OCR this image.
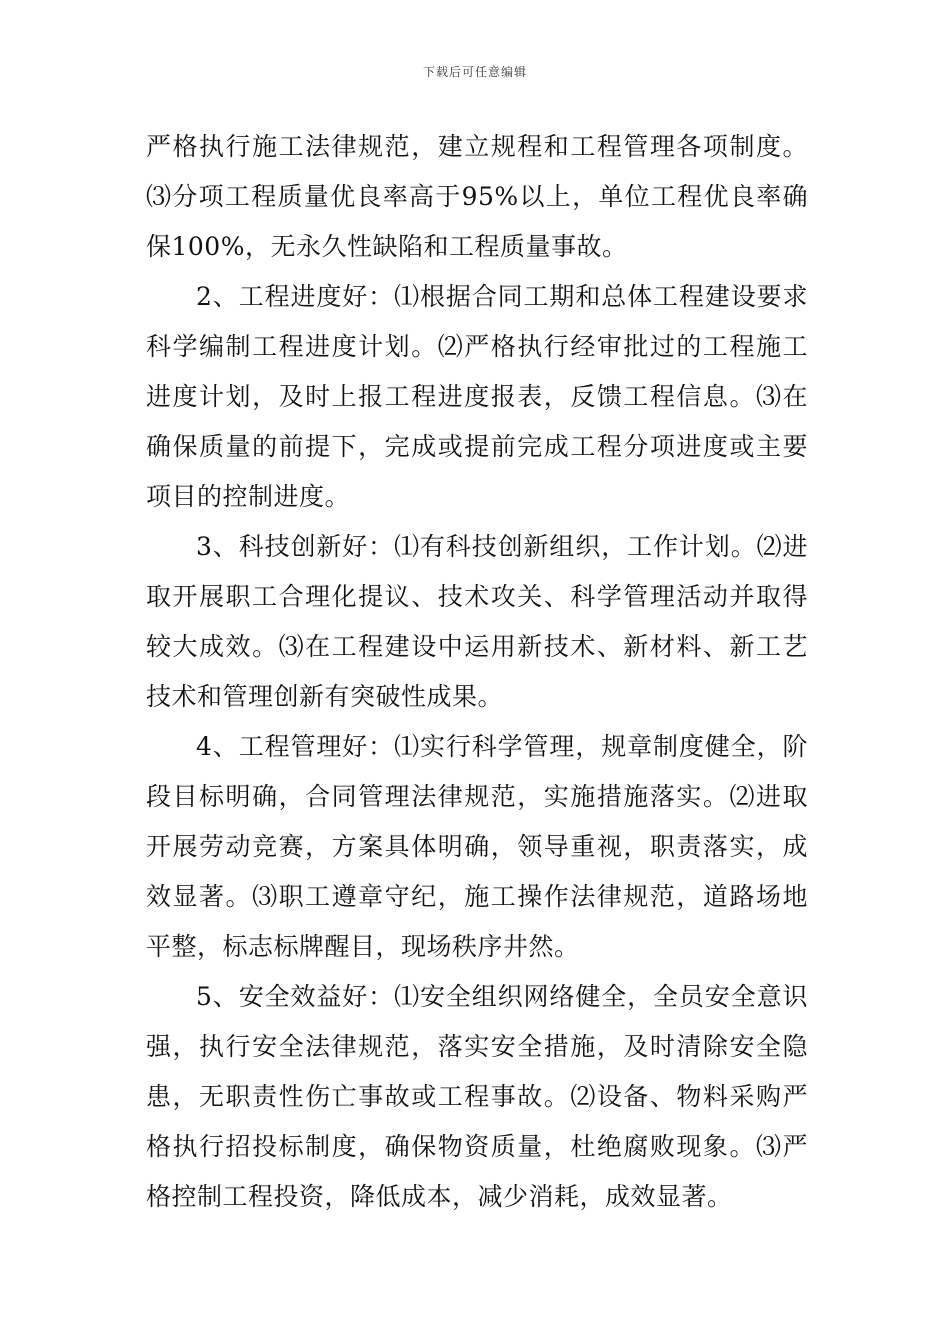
下载后可任意编辑

严格执行施工法律规范，建立规程和工程管理各项制度。⑶分项工程质量优良率高于95%以上，单位工程优良率确保100%，无永久性缺陷和工程质量事故。

2、工程进度好：⑴根据合同工期和总体工程建设要求科学编制工程进度计划。⑵严格执行经审批过的工程施工进度计划，及时上报工程进度报表，反馈工程信息。⑶在确保质量的前提下，完成或提前完成工程分项进度或主要项目的控制进度。

3、科技创新好：⑴有科技创新组织，工作计划。⑵进取开展职工合理化提议、技术攻关、科学管理活动并取得较大成效。⑶在工程建设中运用新技术、新材料、新工艺技术和管理创新有突破性成果。

4、工程管理好：⑴实行科学管理，规章制度健全，阶段目标明确，合同管理法律规范，实施措施落实。⑵进取开展劳动竞赛，方案具体明确，领导重视，职责落实，成效显著。⑶职工遵章守纪，施工操作法律规范，道路场地平整，标志标牌醒目，现场秩序井然。

5、安全效益好：⑴安全组织网络健全，全员安全意识强，执行安全法律规范，落实安全措施，及时清除安全隐患，无职责性伤亡事故或工程事故。⑵设备、物料采购严格执行招投标制度，确保物资质量，杜绝腐败现象。⑶严格控制工程投资，降低成本，减少消耗，成效显著。
